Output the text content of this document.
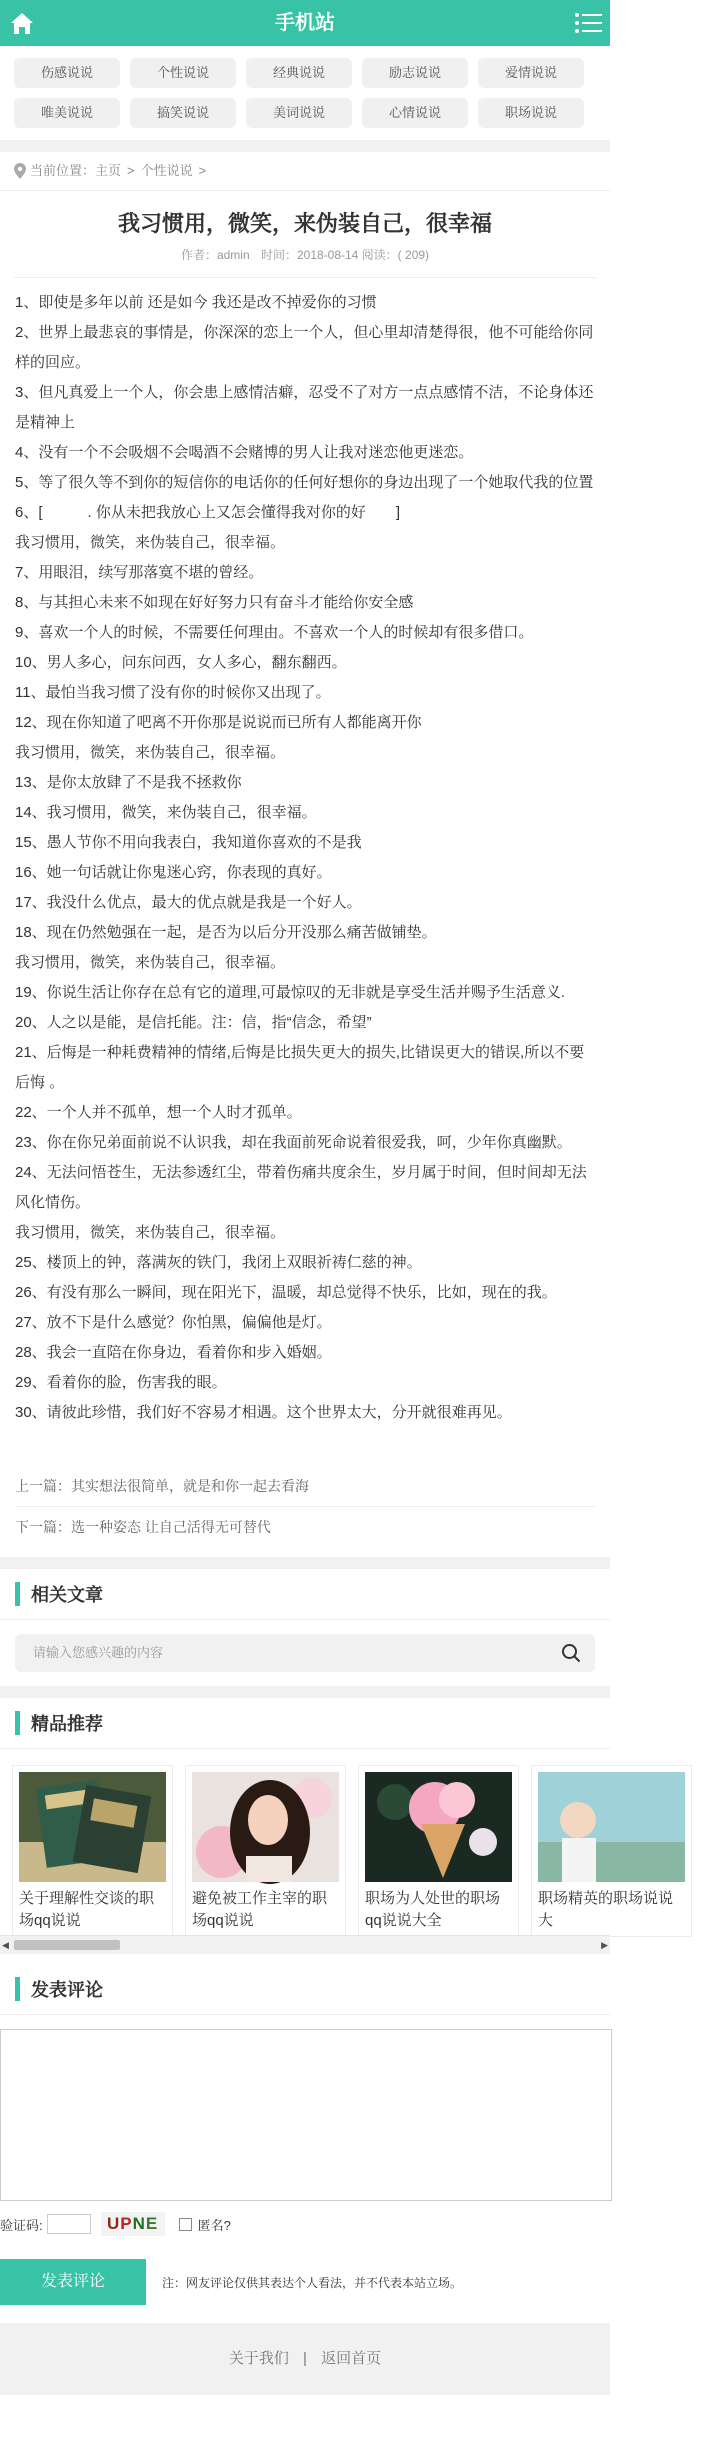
手机站
伤感说说	个性说说	经典说说	励志说说	爱情说说
唯美说说	搞笑说说	美词说说	心情说说	职场说说
当前位置： 主页 > 个性说说 >
我习惯用，微笑，来伪装自己，很幸福
作者：admin 时间：2018-08-14 阅读：( 209)

1、即使是多年以前 还是如今 我还是改不掉爱你的习惯

2、世界上最悲哀的事情是，你深深的恋上一个人，但心里却清楚得很，他不可能给你同样的回应。

3、但凡真爱上一个人，你会患上感情洁癖，忍受不了对方一点点感情不洁，不论身体还是精神上

4、没有一个不会吸烟不会喝酒不会赌博的男人让我对迷恋他更迷恋。

5、等了很久等不到你的短信你的电话你的任何好想你的身边出现了一个她取代我的位置

6、[　　　. 你从未把我放心上又怎会懂得我对你的好　　]

我习惯用，微笑，来伪装自己，很幸福。

7、用眼泪，续写那落寞不堪的曾经。

8、与其担心未来不如现在好好努力只有奋斗才能给你安全感

9、喜欢一个人的时候，不需要任何理由。不喜欢一个人的时候却有很多借口。

10、男人多心，问东问西，女人多心，翻东翻西。

11、最怕当我习惯了没有你的时候你又出现了。

12、现在你知道了吧离不开你那是说说而已所有人都能离开你

我习惯用，微笑，来伪装自己，很幸福。

13、是你太放肆了不是我不拯救你

14、我习惯用，微笑，来伪装自己，很幸福。

15、愚人节你不用向我表白，我知道你喜欢的不是我

16、她一句话就让你鬼迷心窍，你表现的真好。

17、我没什么优点，最大的优点就是我是一个好人。

18、现在仍然勉强在一起，是否为以后分开没那么痛苦做铺垫。

我习惯用，微笑，来伪装自己，很幸福。

19、你说生活让你存在总有它的道理,可最惊叹的无非就是享受生活并赐予生活意义.

20、人之以是能，是信托能。注：信，指“信念，希望”

21、后悔是一种耗费精神的情绪,后悔是比损失更大的损失,比错误更大的错误,所以不要后悔 。

22、一个人并不孤单，想一个人时才孤单。

23、你在你兄弟面前说不认识我，却在我面前死命说着很爱我，呵，少年你真幽默。

24、无法问悟苍生，无法参透红尘，带着伤痛共度余生，岁月属于时间，但时间却无法风化情伤。

我习惯用，微笑，来伪装自己，很幸福。

25、楼顶上的钟，落满灰的铁门，我闭上双眼祈祷仁慈的神。

26、有没有那么一瞬间，现在阳光下，温暖，却总觉得不快乐，比如，现在的我。

27、放不下是什么感觉？你怕黑，偏偏他是灯。

28、我会一直陪在你身边，看着你和步入婚姻。

29、看着你的脸，伤害我的眼。

30、请彼此珍惜，我们好不容易才相遇。这个世界太大，分开就很难再见。

上一篇：其实想法很简单，就是和你一起去看海
下一篇：选一种姿态 让自己活得无可替代
相关文章
请输入您感兴趣的内容
精品推荐
关于理解性交谈的职场qq说说
避免被工作主宰的职场qq说说
职场为人处世的职场qq说说大全
职场精英的职场说说大
◀	▶
发表评论
验证码:	U P N E	匿名?
发表评论	注：网友评论仅供其表达个人看法，并不代表本站立场。
关于我们 | 返回首页
